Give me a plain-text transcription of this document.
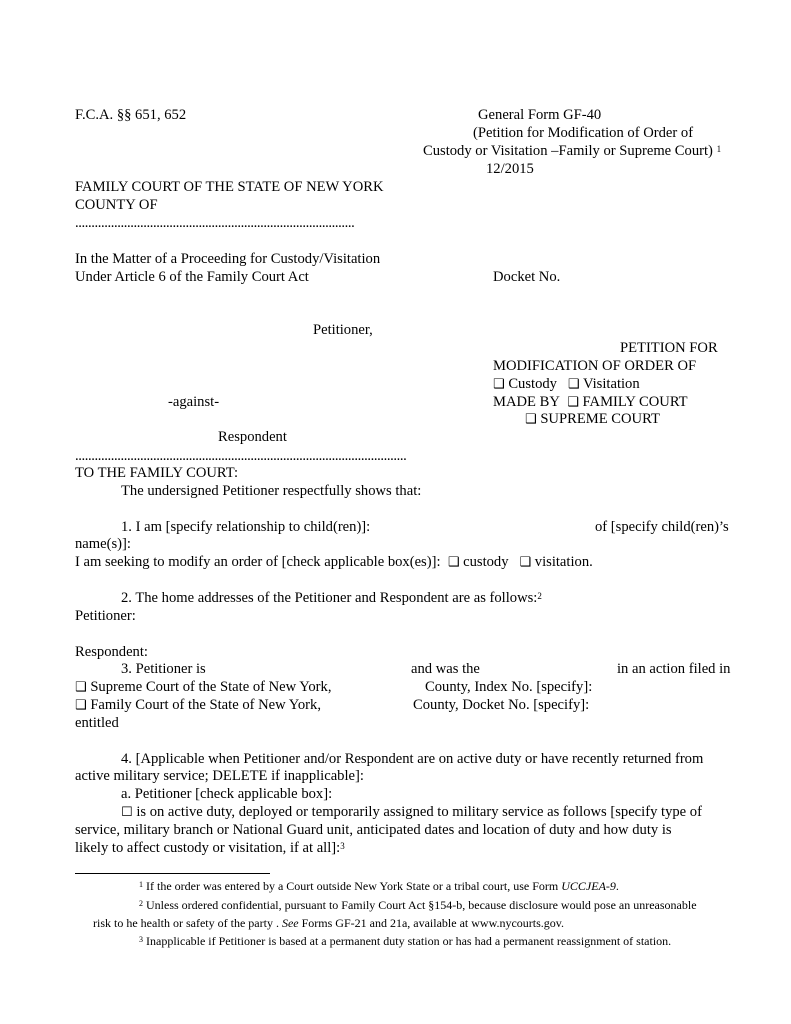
F.C.A. §§ 651, 652	General Form GF-40
(Petition for Modification of Order of
Custody or Visitation –Family or Supreme Court) $^1$
12/2015
FAMILY COURT OF THE STATE OF NEW YORK
COUNTY OF
......................................................................................
In the Matter of a Proceeding for Custody/Visitation
Under Article 6 of the Family Court Act	Docket No.
Petitioner,
PETITION FOR
MODIFICATION OF ORDER OF
❑ Custody ❑ Visitation
-against-	MADE BY ❑ FAMILY COURT
❑ SUPREME COURT
Respondent
......................................................................................................
TO THE FAMILY COURT:
The undersigned Petitioner respectfully shows that:
1. I am [specify relationship to child(ren)]:	of [specify child(ren)’s
name(s)]:
I am seeking to modify an order of [check applicable box(es)]: ❑ custody ❑ visitation.
2. The home addresses of the Petitioner and Respondent are as follows:$^2$
Petitioner:
Respondent:
3. Petitioner is	and was the	in an action filed in
❑ Supreme Court of the State of New York,	County, Index No. [specify]:
❑ Family Court of the State of New York,	County, Docket No. [specify]:
entitled
4. [Applicable when Petitioner and/or Respondent are on active duty or have recently returned from
active military service; DELETE if inapplicable]:
a. Petitioner [check applicable box]:
☐ is on active duty, deployed or temporarily assigned to military service as follows [specify type of
service, military branch or National Guard unit, anticipated dates and location of duty and how duty is
likely to affect custody or visitation, if at all]:$^3$
$^1$ If the order was entered by a Court outside New York State or a tribal court, use Form UCCJEA-9.
$^2$ Unless ordered confidential, pursuant to Family Court Act §154-b, because disclosure would pose an unreasonable
risk to he health or safety of the party . See Forms GF-21 and 21a, available at www.nycourts.gov.
$^3$ Inapplicable if Petitioner is based at a permanent duty station or has had a permanent reassignment of station.
